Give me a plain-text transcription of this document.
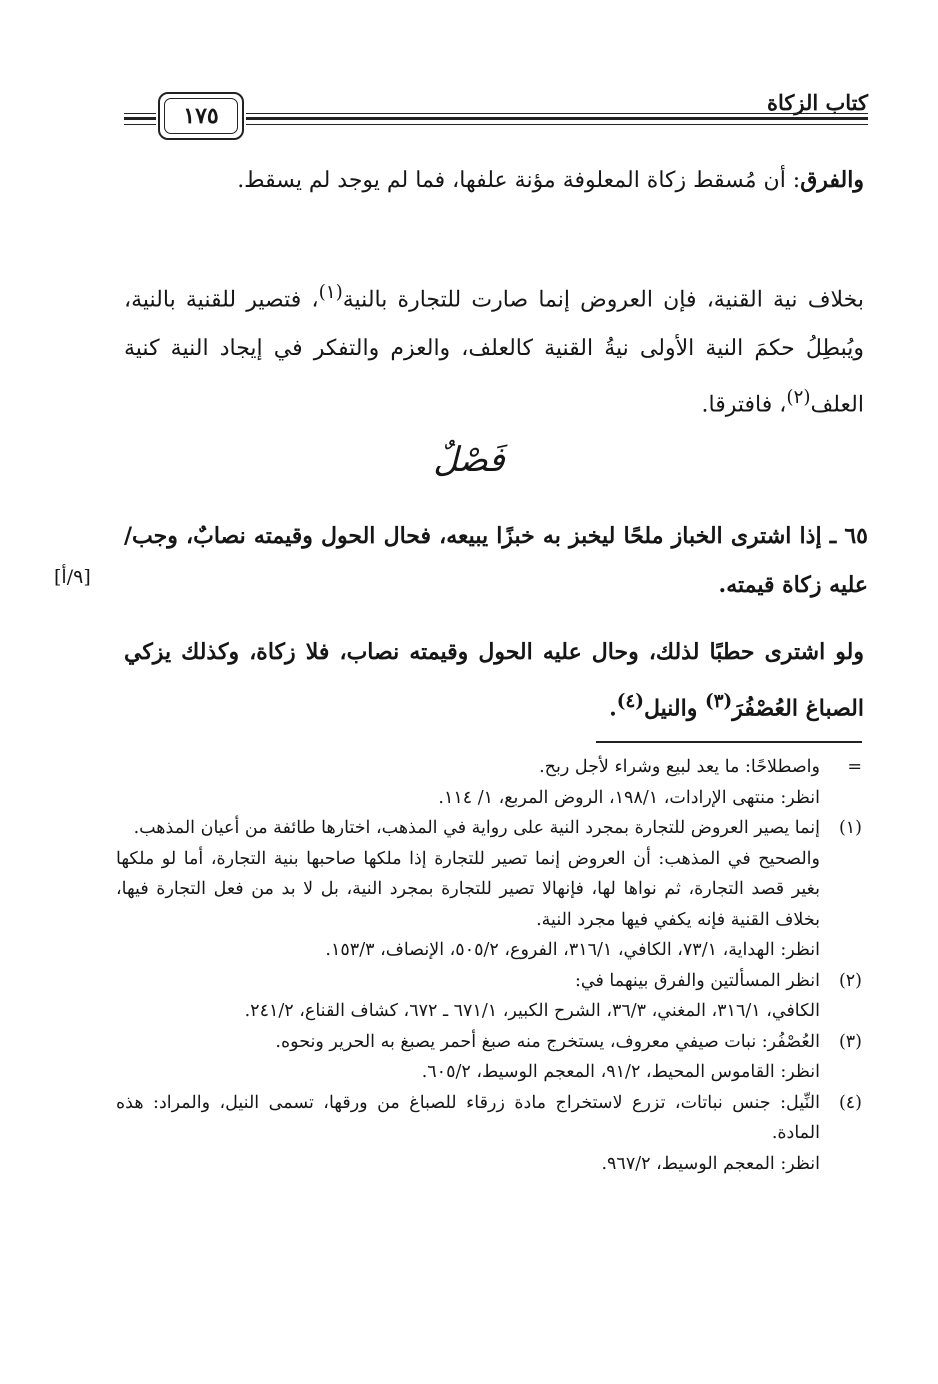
كتاب الزكاة
١٧٥
والفرق: أن مُسقط زكاة المعلوفة مؤنة علفها، فما لم يوجد لم يسقط.
بخلاف نية القنية، فإن العروض إنما صارت للتجارة بالنية$^{(١)}$، فتصير للقنية بالنية، ويُبطِلُ حكمَ النية الأولى نيةُ القنية كالعلف، والعزم والتفكر في إيجاد النية كنية العلف$^{(٢)}$، فافترقا.
فَصْلٌ
٦٥ ـ إذا اشترى الخباز ملحًا ليخبز به خبزًا يبيعه، فحال الحول وقيمته نصابٌ، وجب/ عليه زكاة قيمته.
[٩/أ]
ولو اشترى حطبًا لذلك، وحال عليه الحول وقيمته نصاب، فلا زكاة، وكذلك يزكي الصباغ العُصْفُرَ$^{(٣)}$ والنيل$^{(٤)}$.
=
واصطلاحًا: ما يعد لبيع وشراء لأجل ربح.
انظر: منتهى الإرادات، ١٩٨/١، الروض المربع، ١/ ١١٤.
(١)
إنما يصير العروض للتجارة بمجرد النية على رواية في المذهب، اختارها طائفة من أعيان المذهب.
والصحيح في المذهب: أن العروض إنما تصير للتجارة إذا ملكها صاحبها بنية التجارة، أما لو ملكها بغير قصد التجارة، ثم نواها لها، فإنهالا تصير للتجارة بمجرد النية، بل لا بد من فعل التجارة فيها، بخلاف القنية فإنه يكفي فيها مجرد النية.
انظر: الهداية، ٧٣/١، الكافي، ٣١٦/١، الفروع، ٥٠٥/٢، الإنصاف، ١٥٣/٣.
(٢)
انظر المسألتين والفرق بينهما في:
الكافي، ٣١٦/١، المغني، ٣٦/٣، الشرح الكبير، ٦٧١/١ ـ ٦٧٢، كشاف القناع، ٢٤١/٢.
(٣)
العُصْفُر: نبات صيفي معروف، يستخرج منه صبغ أحمر يصبغ به الحرير ونحوه.
انظر: القاموس المحيط، ٩١/٢، المعجم الوسيط، ٦٠٥/٢.
(٤)
النِّيل: جنس نباتات، تزرع لاستخراج مادة زرقاء للصباغ من ورقها، تسمى النيل، والمراد: هذه المادة.
انظر: المعجم الوسيط، ٩٦٧/٢.
